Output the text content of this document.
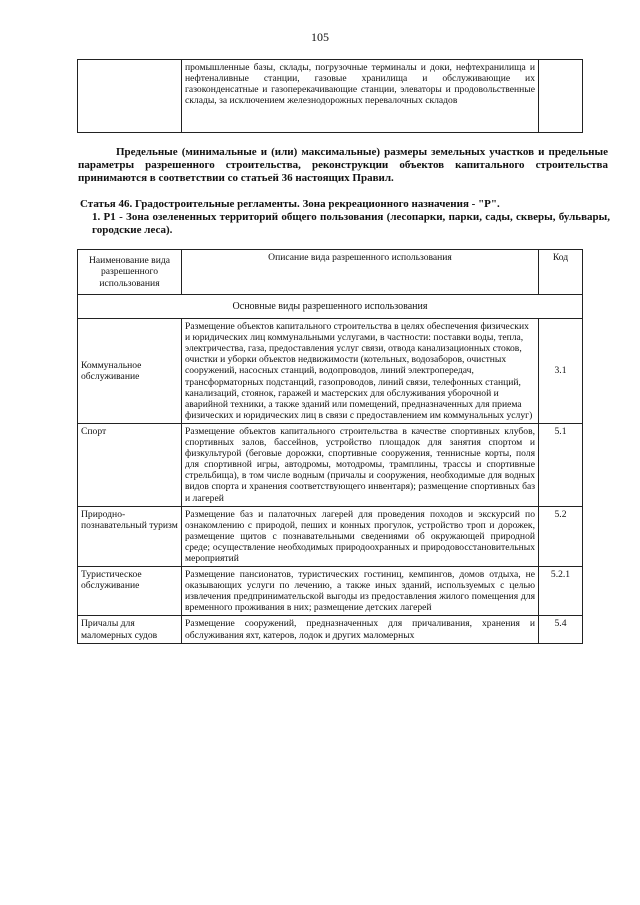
105
	промышленные базы, склады, погрузочные терминалы и доки, нефтехранилища и нефтеналивные станции, газовые хранилища и обслуживающие их газоконденсатные и газоперекачивающие станции, элеваторы и продовольственные склады, за исключением железнодорожных перевалочных складов	
Предельные (минимальные и (или) максимальные) размеры земельных участков и предельные параметры разрешенного строительства, реконструкции объектов капитального строительства принимаются в соответствии со статьей 36 настоящих Правил.
Статья 46. Градостроительные регламенты. Зона рекреационного назначения - "Р".
1. Р1 - Зона озелененных территорий общего пользования (лесопарки, парки, сады, скверы, бульвары, городские леса).
Наименование вида разрешенного использования	Описание вида разрешенного использования	Код
Основные виды разрешенного использования		
Коммунальное обслуживание	Размещение объектов капитального строительства в целях обеспечения физических и юридических лиц коммунальными услугами, в частности: поставки воды, тепла, электричества, газа, предоставления услуг связи, отвода канализационных стоков, очистки и уборки объектов недвижимости (котельных, водозаборов, очистных сооружений, насосных станций, водопроводов, линий электропередач, трансформаторных подстанций, газопроводов, линий связи, телефонных станций, канализаций, стоянок, гаражей и мастерских для обслуживания уборочной и аварийной техники, а также зданий или помещений, предназначенных для приема физических и юридических лиц в связи с предоставлением им коммунальных услуг)	3.1
Спорт	Размещение объектов капитального строительства в качестве спортивных клубов, спортивных залов, бассейнов, устройство площадок для занятия спортом и физкультурой (беговые дорожки, спортивные сооружения, теннисные корты, поля для спортивной игры, автодромы, мотодромы, трамплины, трассы и спортивные стрельбища), в том числе водным (причалы и сооружения, необходимые для водных видов спорта и хранения соответствующего инвентаря); размещение спортивных баз и лагерей	5.1
Природно-познавательный туризм	Размещение баз и палаточных лагерей для проведения походов и экскурсий по ознакомлению с природой, пеших и конных прогулок, устройство троп и дорожек, размещение щитов с познавательными сведениями об окружающей природной среде; осуществление необходимых природоохранных и природовосстановительных мероприятий	5.2
Туристическое обслуживание	Размещение пансионатов, туристических гостиниц, кемпингов, домов отдыха, не оказывающих услуги по лечению, а также иных зданий, используемых с целью извлечения предпринимательской выгоды из предоставления жилого помещения для временного проживания в них; размещение детских лагерей	5.2.1
Причалы для маломерных судов	Размещение сооружений, предназначенных для причаливания, хранения и обслуживания яхт, катеров, лодок и других маломерных	5.4
